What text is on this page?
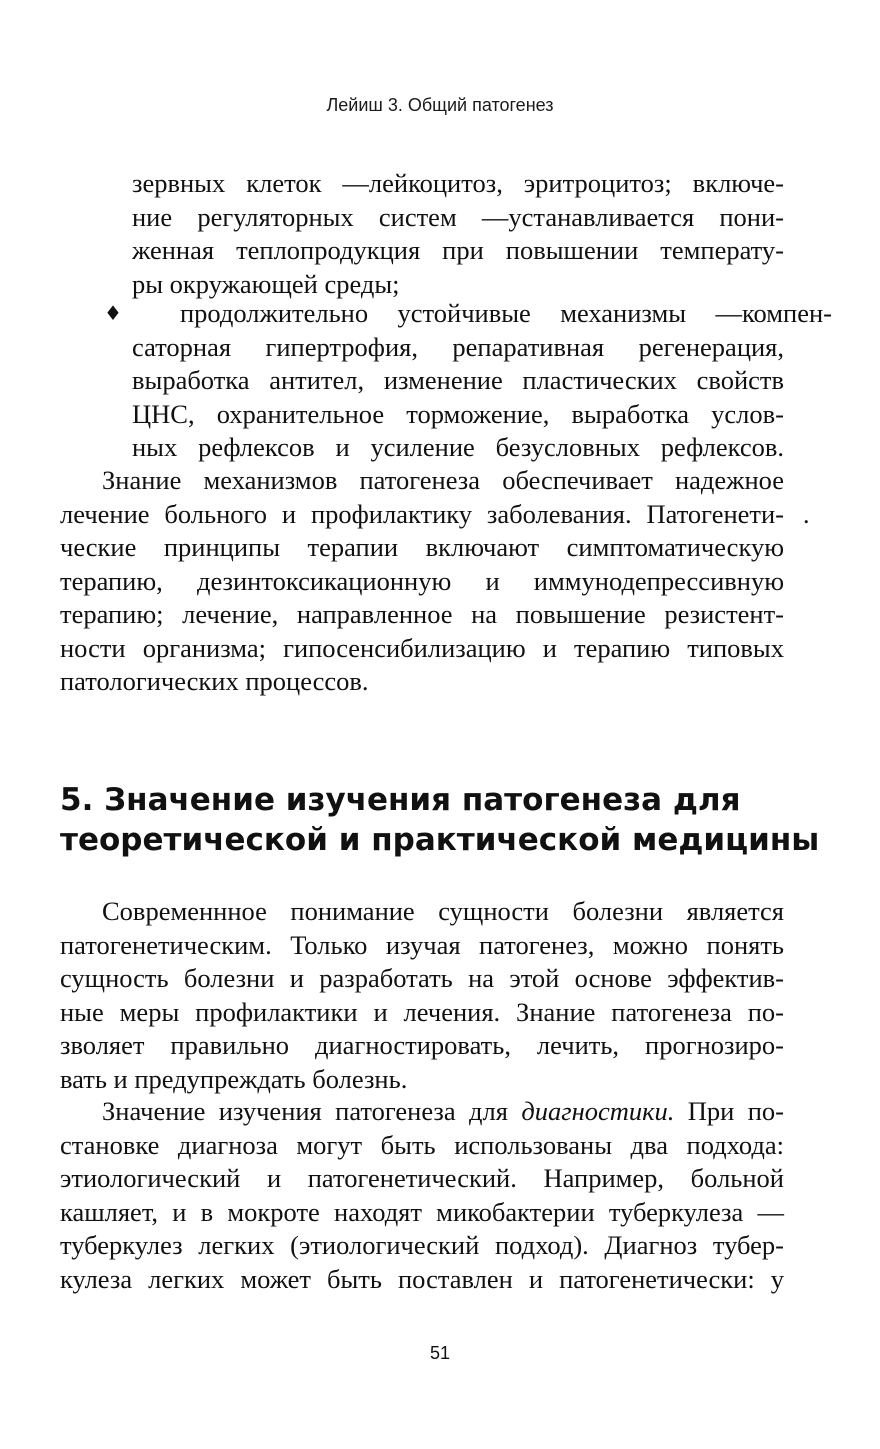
Лейиш 3. Общий патогенез
зервных клеток —лейкоцитоз, эритроцитоз; включе-
ние регуляторных систем —устанавливается пони-
женная теплопродукция при повышении температу-
ры окружающей среды;
♦	продолжительно устойчивые механизмы —компен-
саторная гипертрофия, репаративная регенерация,
выработка антител, изменение пластических свойств
ЦНС, охранительное торможение, выработка услов-
ных рефлексов и усиление безусловных рефлексов.
Знание механизмов патогенеза обеспечивает надежное
лечение больного и профилактику заболевания. Патогенети-
ческие принципы терапии включают симптоматическую
терапию, дезинтоксикационную и иммунодепрессивную
терапию; лечение, направленное на повышение резистент-
ности организма; гипосенсибилизацию и терапию типовых
патологических процессов.
.
5. Значение изучения патогенеза для
теоретической и практической медицины
Современнное понимание сущности болезни является
патогенетическим. Только изучая патогенез, можно понять
сущность болезни и разработать на этой основе эффектив-
ные меры профилактики и лечения. Знание патогенеза по-
зволяет правильно диагностировать, лечить, прогнозиро-
вать и предупреждать болезнь.
Значение изучения патогенеза для диагностики. При по-
становке диагноза могут быть использованы два подхода:
этиологический и патогенетический. Например, больной
кашляет, и в мокроте находят микобактерии туберкулеза —
туберкулез легких (этиологический подход). Диагноз тубер-
кулеза легких может быть поставлен и патогенетически: у
51
